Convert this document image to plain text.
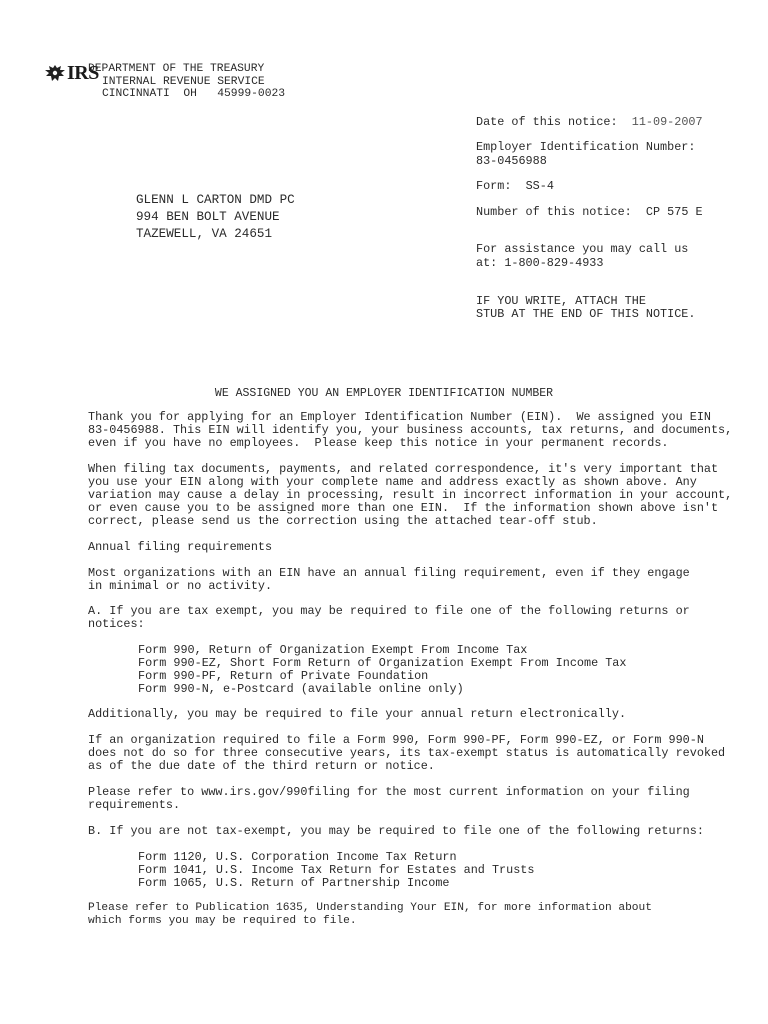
IRS
DEPARTMENT OF THE TREASURY
INTERNAL REVENUE SERVICE
CINCINNATI  OH   45999-0023
Date of this notice: 11-09-2007
Employer Identification Number:
83-0456988
Form: SS-4
Number of this notice: CP 575 E
For assistance you may call us
at: 1-800-829-4933
IF YOU WRITE, ATTACH THE
STUB AT THE END OF THIS NOTICE.
GLENN L CARTON DMD PC
994 BEN BOLT AVENUE
TAZEWELL, VA 24651
WE ASSIGNED YOU AN EMPLOYER IDENTIFICATION NUMBER
Thank you for applying for an Employer Identification Number (EIN).  We assigned you EIN
83-0456988. This EIN will identify you, your business accounts, tax returns, and documents,
even if you have no employees.  Please keep this notice in your permanent records.
When filing tax documents, payments, and related correspondence, it's very important that
you use your EIN along with your complete name and address exactly as shown above. Any
variation may cause a delay in processing, result in incorrect information in your account,
or even cause you to be assigned more than one EIN.  If the information shown above isn't
correct, please send us the correction using the attached tear-off stub.
Annual filing requirements
Most organizations with an EIN have an annual filing requirement, even if they engage
in minimal or no activity.
A. If you are tax exempt, you may be required to file one of the following returns or
notices:
Form 990, Return of Organization Exempt From Income Tax
Form 990-EZ, Short Form Return of Organization Exempt From Income Tax
Form 990-PF, Return of Private Foundation
Form 990-N, e-Postcard (available online only)
Additionally, you may be required to file your annual return electronically.
If an organization required to file a Form 990, Form 990-PF, Form 990-EZ, or Form 990-N
does not do so for three consecutive years, its tax-exempt status is automatically revoked
as of the due date of the third return or notice.
Please refer to www.irs.gov/990filing for the most current information on your filing
requirements.
B. If you are not tax-exempt, you may be required to file one of the following returns:
Form 1120, U.S. Corporation Income Tax Return
Form 1041, U.S. Income Tax Return for Estates and Trusts
Form 1065, U.S. Return of Partnership Income
Please refer to Publication 1635, Understanding Your EIN, for more information about
which forms you may be required to file.
